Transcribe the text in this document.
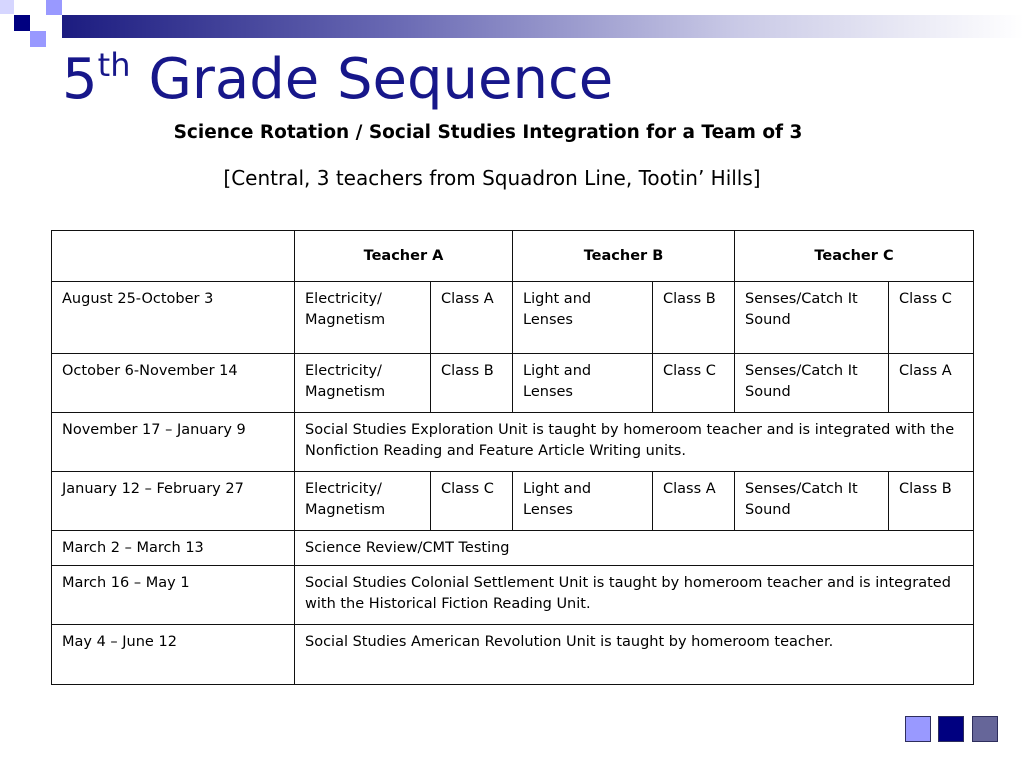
5th Grade Sequence
Science Rotation / Social Studies Integration for a Team of 3
[Central, 3 teachers from Squadron Line, Tootin’ Hills]
	Teacher A		Teacher B		Teacher C	
August 25-October 3	Electricity/ Magnetism	Class A	Light and Lenses	Class B	Senses/Catch It Sound	Class C
October 6-November 14	Electricity/ Magnetism	Class B	Light and Lenses	Class C	Senses/Catch It Sound	Class A
November 17 – January 9	Social Studies Exploration Unit is taught by homeroom teacher and is integrated with the Nonfiction Reading and Feature Article Writing units.					
January 12 – February 27	Electricity/ Magnetism	Class C	Light and Lenses	Class A	Senses/Catch It Sound	Class B
March 2 – March 13	Science Review/CMT Testing					
March 16 – May 1	Social Studies Colonial Settlement Unit is taught by homeroom teacher and is integrated with the Historical Fiction Reading Unit.					
May 4 – June 12	Social Studies American Revolution Unit is taught by homeroom teacher.					
